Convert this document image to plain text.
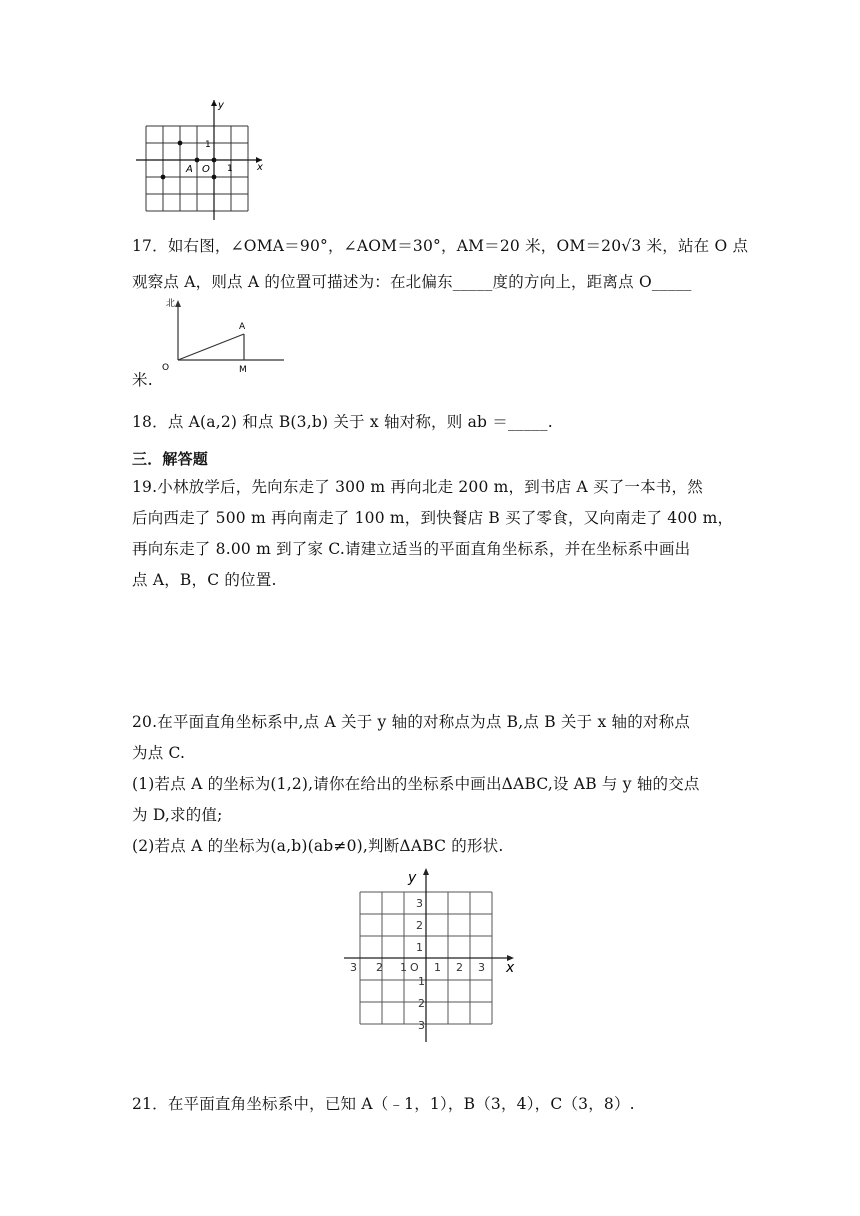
y
x
1
1
A O
17．如右图，∠OMA＝90°，∠AOM＝30°，AM＝20 米，OM＝20√3 米，站在 O 点
观察点 A，则点 A 的位置可描述为：在北偏东_____度的方向上，距离点 O_____
北
A
O	M
米.
18．点 A(a,2) 和点 B(3,b) 关于 x 轴对称，则 ab ＝_____.
三．解答题
19.小林放学后，先向东走了 300 m 再向北走 200 m，到书店 A 买了一本书，然
后向西走了 500 m 再向南走了 100 m，到快餐店 B 买了零食，又向南走了 400 m，
再向东走了 8.00 m 到了家 C.请建立适当的平面直角坐标系，并在坐标系中画出
点 A，B，C 的位置.
20.在平面直角坐标系中,点 A 关于 y 轴的对称点为点 B,点 B 关于 x 轴的对称点
为点 C.
(1)若点 A 的坐标为(1,2),请你在给出的坐标系中画出ΔABC,设 AB 与 y 轴的交点
为 D,求的值;
(2)若点 A 的坐标为(a,b)(ab≠0),判断ΔABC 的形状.
y
x
3
2
1
3 2 1 O 1 2 3
1
2
3
21．在平面直角坐标系中，已知 A（﹣1，1），B（3，4），C（3，8）.
